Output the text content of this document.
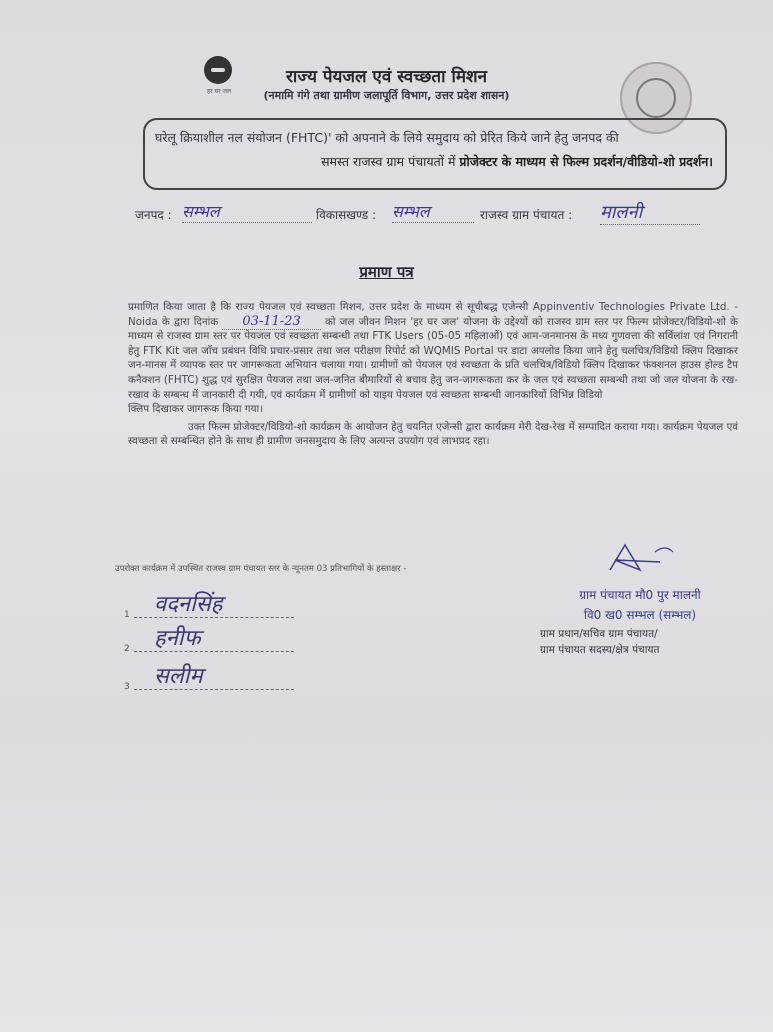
हर घर जल
राज्य पेयजल एवं स्वच्छता मिशन
(नमामि गंगे तथा ग्रामीण जलापूर्ति विभाग, उत्तर प्रदेश शासन)

घरेलू क्रियाशील नल संयोजन (FHTC)' को अपनाने के लिये समुदाय को प्रेरित किये जाने हेतु जनपद की

समस्त राजस्व ग्राम पंचायतों में प्रोजेक्टर के माध्यम से फिल्म प्रदर्शन/वीडियो-शो प्रदर्शन।

जनपद : सम्भल	विकासखण्ड : सम्भल	राजस्व ग्राम पंचायत : मालनी
प्रमाण पत्र

प्रमाणित किया जाता है कि राज्य पेयजल एवं स्वच्छता मिशन, उत्तर प्रदेश के माध्यम से सूचीबद्ध एजेन्सी Appinventiv Technologies Private Ltd. - Noida के द्वारा दिनांक 03-11-23 को जल जीवन मिशन 'हर घर जल' योजना के उद्देश्यों को राजस्व ग्राम स्तर पर फिल्म प्रोजेक्टर/विडियो-शो के माध्यम से राजस्व ग्राम स्तर पर पेयजल एवं स्वच्छता सम्बन्धी तथा FTK Users (05-05 महिलाओं) एवं आम-जनमानस के मध्य गुणवत्ता की सर्विलांश एवं निगरानी हेतु FTK Kit जल जाँच प्रबंधन विधि प्रचार-प्रसार तथा जल परीक्षण रिपोर्ट को WQMIS Portal पर डाटा अपलोड किया जाने हेतु चलचित्र/विडियो क्लिप दिखाकर जन-मानस में व्यापक स्तर पर जागरूकता अभियान चलाया गया। ग्रामीणों को पेयजल एवं स्वच्छता के प्रति चलचित्र/विडियो क्लिप दिखाकर फंक्शनल हाउस होल्ड टैप कनैक्शन (FHTC) शुद्ध एवं सुरक्षित पेयजल तथा जल-जनित बीमारियों से बचाव हेतु जन-जागरूकता कर के जल एवं स्वच्छता सम्बन्धी तथा जो जल योजना के रख-रखाव के सम्बन्ध में जानकारी दी गयी, एवं कार्यक्रम में ग्रामीणों को याइय पेयजल एवं स्वच्छता सम्बन्धी जानकारियों विभिन्न विडियो
क्लिप दिखाकर जागरूक किया गया।

उक्त फिल्म प्रोजेक्टर/विडियो-शो कार्यक्रम के आयोजन हेतु चयनित एजेन्सी द्वारा कार्यक्रम मेरी देख-रेख में सम्पादित कराया गया। कार्यक्रम पेयजल एवं स्वच्छता से सम्बन्धित होने के साथ ही ग्रामीण जनसमुदाय के लिए अत्यन्त उपयोग एवं लाभप्रद रहा।

उपरोक्त कार्यक्रम में उपस्थित राजस्व ग्राम पंचायत स्तर के न्यूनतम 03 प्रतिभागियों के हस्ताक्षर -
1 वदनसिंह
2 हनीफ
3 सलीम
ग्राम पंचायत मौ0 पुर मालनी
वि0 ख0 सम्भल (सम्भल)
ग्राम प्रधान/सचिव ग्राम पंचायत/
ग्राम पंचायत सदस्य/क्षेत्र पंचायत
